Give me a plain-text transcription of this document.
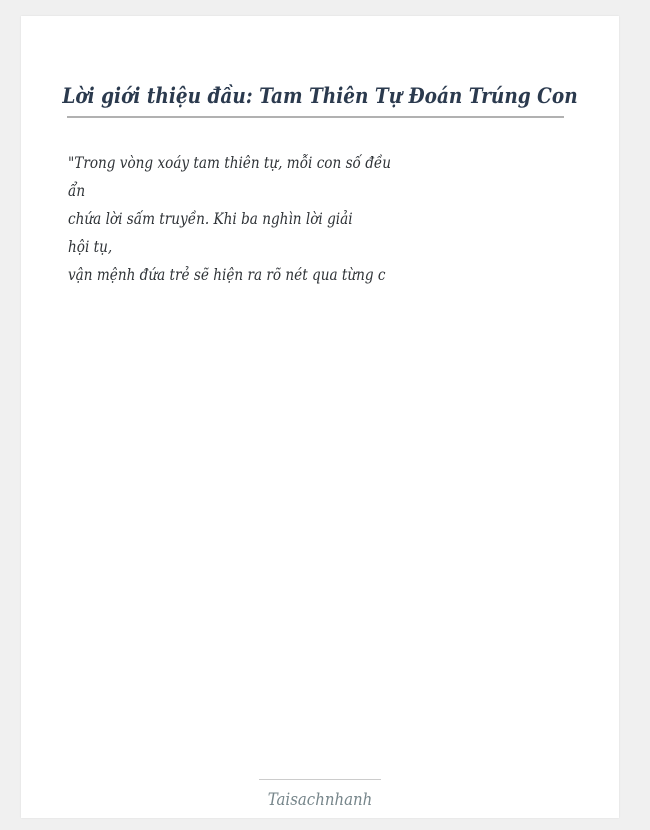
Lời giới thiệu đầu: Tam Thiên Tự Đoán Trúng Con
"Trong vòng xoáy tam thiên tự, mỗi con số đều
ẩn
chứa lời sấm truyền. Khi ba nghìn lời giải
hội tụ,
vận mệnh đứa trẻ sẽ hiện ra rõ nét qua từng c
Taisachnhanh
